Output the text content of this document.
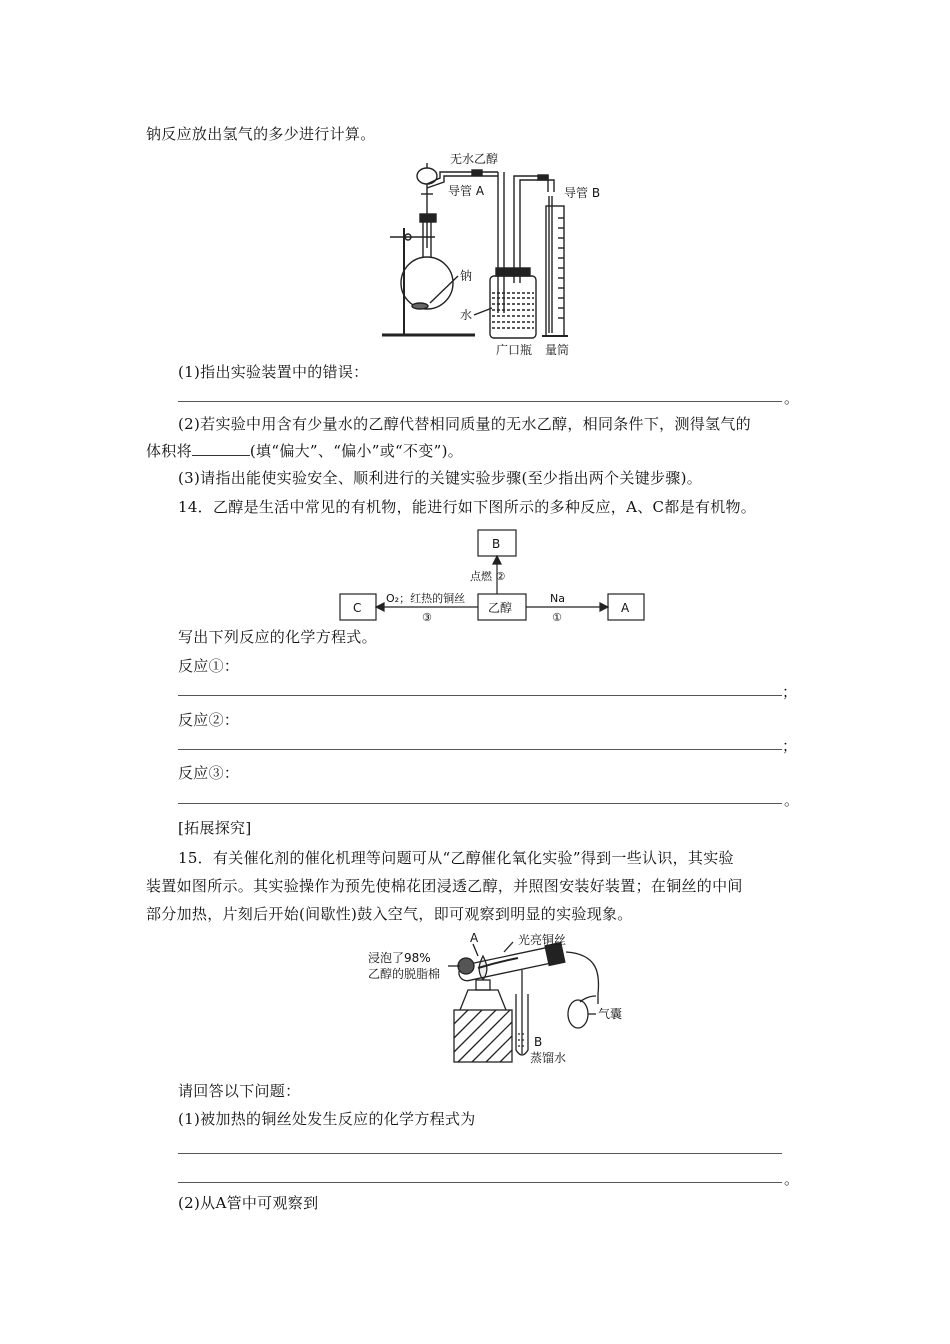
钠反应放出氢气的多少进行计算。
无水乙醇
导管 A	导管 B
钠
水
广口瓶 量筒
(1)指出实验装置中的错误：
。
(2)若实验中用含有少量水的乙醇代替相同质量的无水乙醇，相同条件下，测得氢气的
体积将	(填“偏大”、“偏小”或“不变”)。
(3)请指出能使实验安全、顺利进行的关键实验步骤(至少指出两个关键步骤)。
14．乙醇是生活中常见的有机物，能进行如下图所示的多种反应，A、C都是有机物。
B
C	乙醇	A
点燃 ②
O₂；红热的铜丝
③
Na
①
写出下列反应的化学方程式。
反应①：
；
反应②：
；
反应③：
。
[拓展探究]
15．有关催化剂的催化机理等问题可从“乙醇催化氧化实验”得到一些认识，其实验
装置如图所示。其实验操作为预先使棉花团浸透乙醇，并照图安装好装置；在铜丝的中间
部分加热，片刻后开始(间歇性)鼓入空气，即可观察到明显的实验现象。
浸泡了98%
乙醇的脱脂棉
A	光亮铜丝
气囊
B
蒸馏水
请回答以下问题：
(1)被加热的铜丝处发生反应的化学方程式为
。
(2)从A管中可观察到
